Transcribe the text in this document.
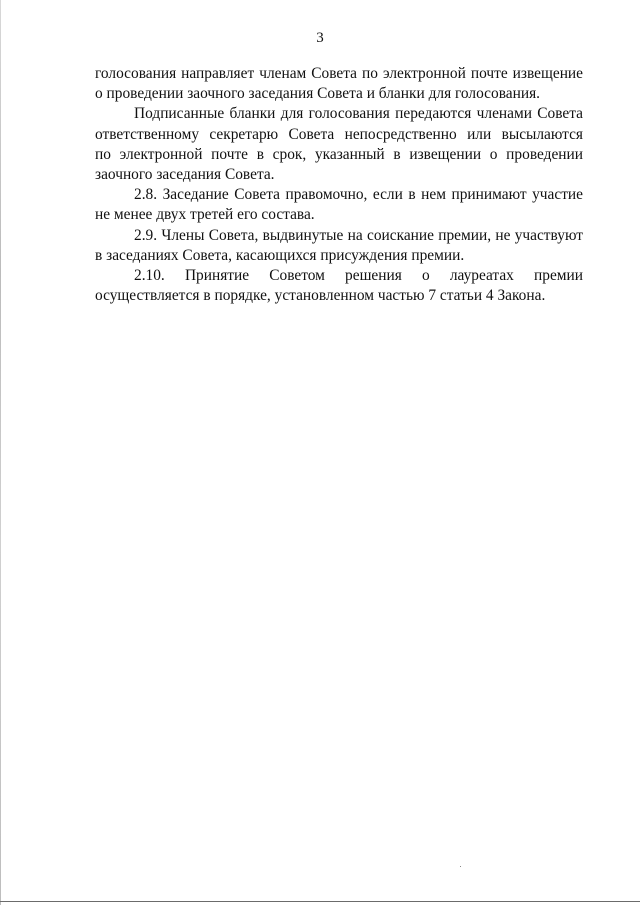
3

голосования направляет членам Совета по электронной почте извещение
о проведении заочного заседания Совета и бланки для голосования.

Подписанные бланки для голосования передаются членами Совета
ответственному секретарю Совета непосредственно или высылаются
по электронной почте в срок, указанный в извещении о проведении
заочного заседания Совета.

2.8. Заседание Совета правомочно, если в нем принимают участие
не менее двух третей его состава.

2.9. Члены Совета, выдвинутые на соискание премии, не участвуют
в заседаниях Совета, касающихся присуждения премии.

2.10. Принятие Советом решения о лауреатах премии
осуществляется в порядке, установленном частью 7 статьи 4 Закона.
